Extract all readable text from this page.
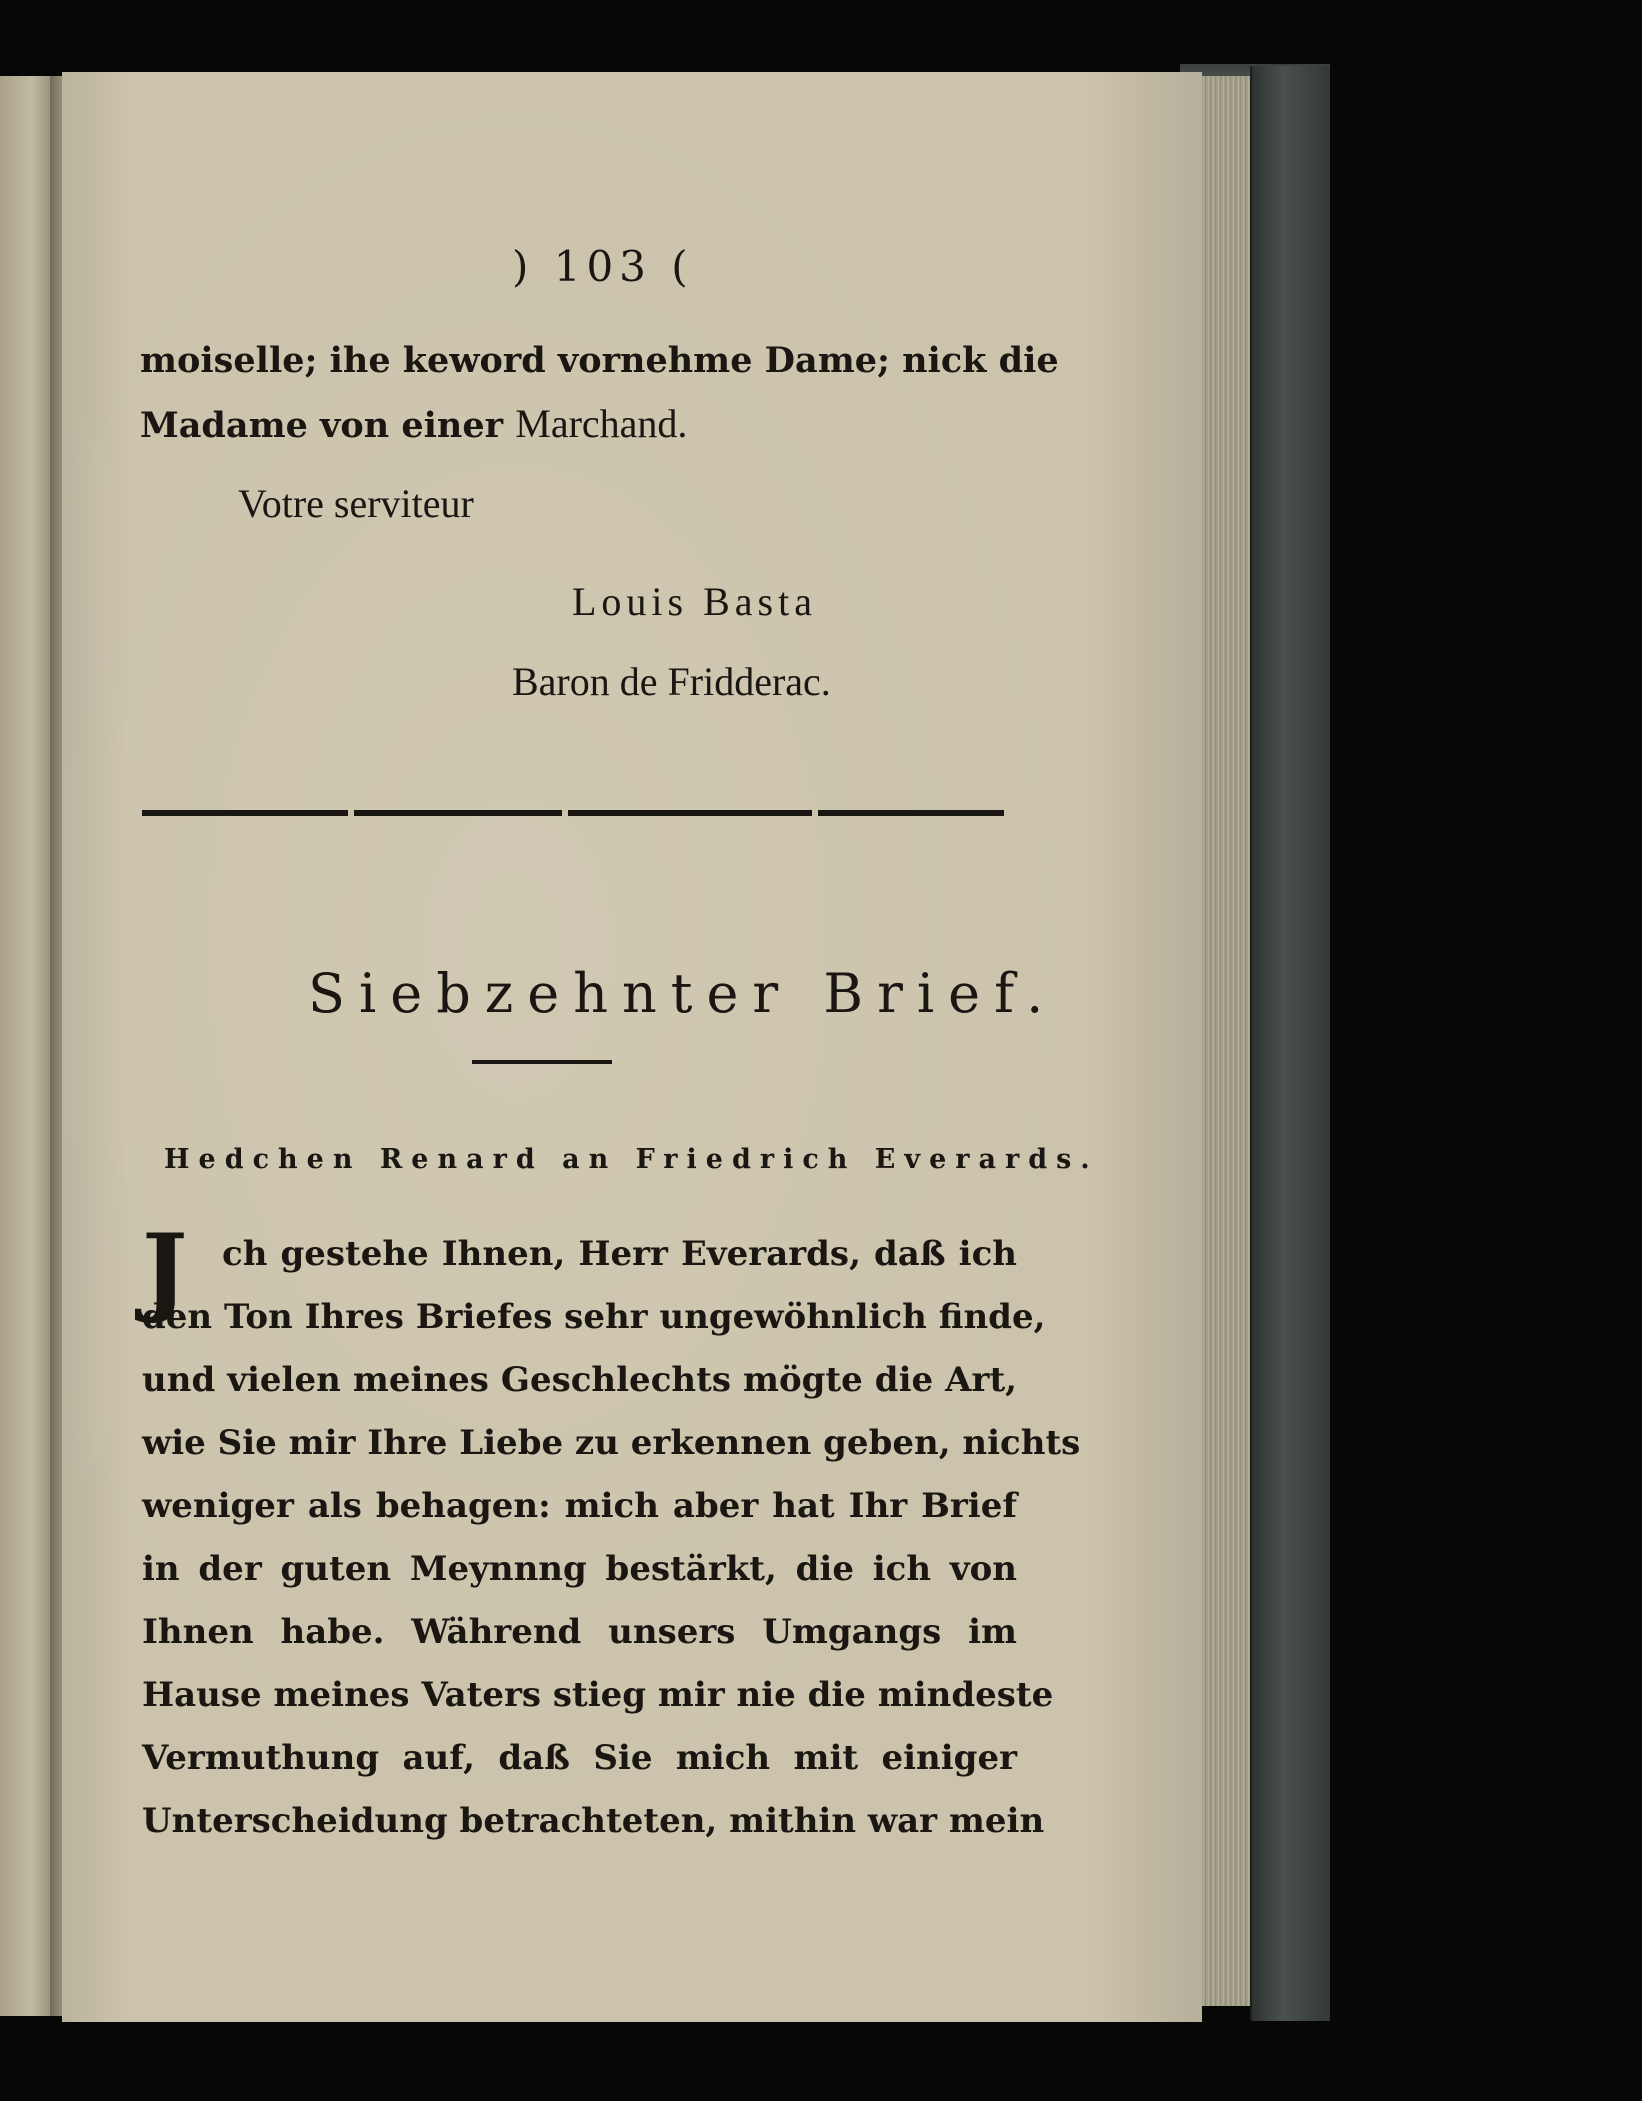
) 103 (
moiselle; ihe keword vornehme Dame; nick die
Madame von einer Marchand.
Votre serviteur
Louis Basta
Baron de Fridderac.
Siebzehnter Brief.
Hedchen Renard an Friedrich Everards.
J ch gestehe Ihnen, Herr Everards, daß ich
den Ton Ihres Briefes sehr ungewöhnlich finde,
und vielen meines Geschlechts mögte die Art,
wie Sie mir Ihre Liebe zu erkennen geben, nichts
weniger als behagen: mich aber hat Ihr Brief
in der guten Meynnng bestärkt, die ich von
Ihnen habe. Während unsers Umgangs im
Hause meines Vaters stieg mir nie die mindeste
Vermuthung auf, daß Sie mich mit einiger
Unterscheidung betrachteten, mithin war mein
